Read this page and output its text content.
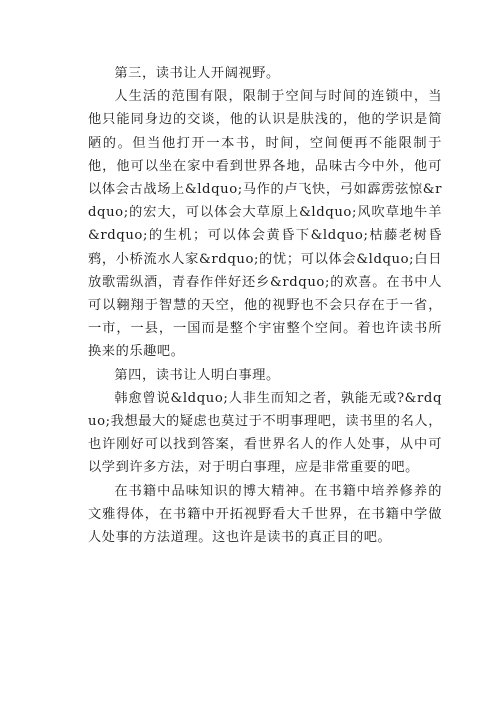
第三，读书让人开阔视野。

人生活的范围有限，限制于空间与时间的连锁中，当他只能同身边的交谈，他的认识是肤浅的，他的学识是简陋的。但当他打开一本书，时间，空间便再不能限制于他，他可以坐在家中看到世界各地，品味古今中外，他可以体会古战场上&ldquo;马作的卢飞快，弓如霹雳弦惊&rdquo;的宏大，可以体会大草原上&ldquo;风吹草地牛羊&rdquo;的生机；可以体会黄昏下&ldquo;枯藤老树昏鸦，小桥流水人家&rdquo;的忧；可以体会&ldquo;白日放歌需纵酒，青春作伴好还乡&rdquo;的欢喜。在书中人可以翱翔于智慧的天空，他的视野也不会只存在于一省，一市，一县，一国而是整个宇宙整个空间。着也许读书所换来的乐趣吧。

第四，读书让人明白事理。

韩愈曾说&ldquo;人非生而知之者，孰能无或?&rdquo;我想最大的疑虑也莫过于不明事理吧，读书里的名人，也许刚好可以找到答案，看世界名人的作人处事，从中可以学到许多方法，对于明白事理，应是非常重要的吧。

在书籍中品味知识的博大精神。在书籍中培养修养的文雅得体，在书籍中开拓视野看大千世界，在书籍中学做人处事的方法道理。这也许是读书的真正目的吧。
